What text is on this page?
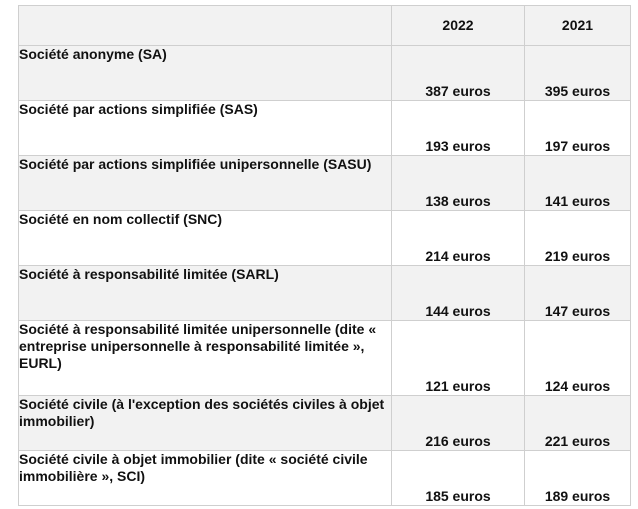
	2022	2021
Société anonyme (SA)	387 euros	395 euros
Société par actions simplifiée (SAS)	193 euros	197 euros
Société par actions simplifiée unipersonnelle (SASU)	138 euros	141 euros
Société en nom collectif (SNC)	214 euros	219 euros
Société à responsabilité limitée (SARL)	144 euros	147 euros
Société à responsabilité limitée unipersonnelle (dite « entreprise unipersonnelle à responsabilité limitée », EURL)	121 euros	124 euros
Société civile (à l'exception des sociétés civiles à objet immobilier)	216 euros	221 euros
Société civile à objet immobilier (dite « société civile immobilière », SCI)	185 euros	189 euros
